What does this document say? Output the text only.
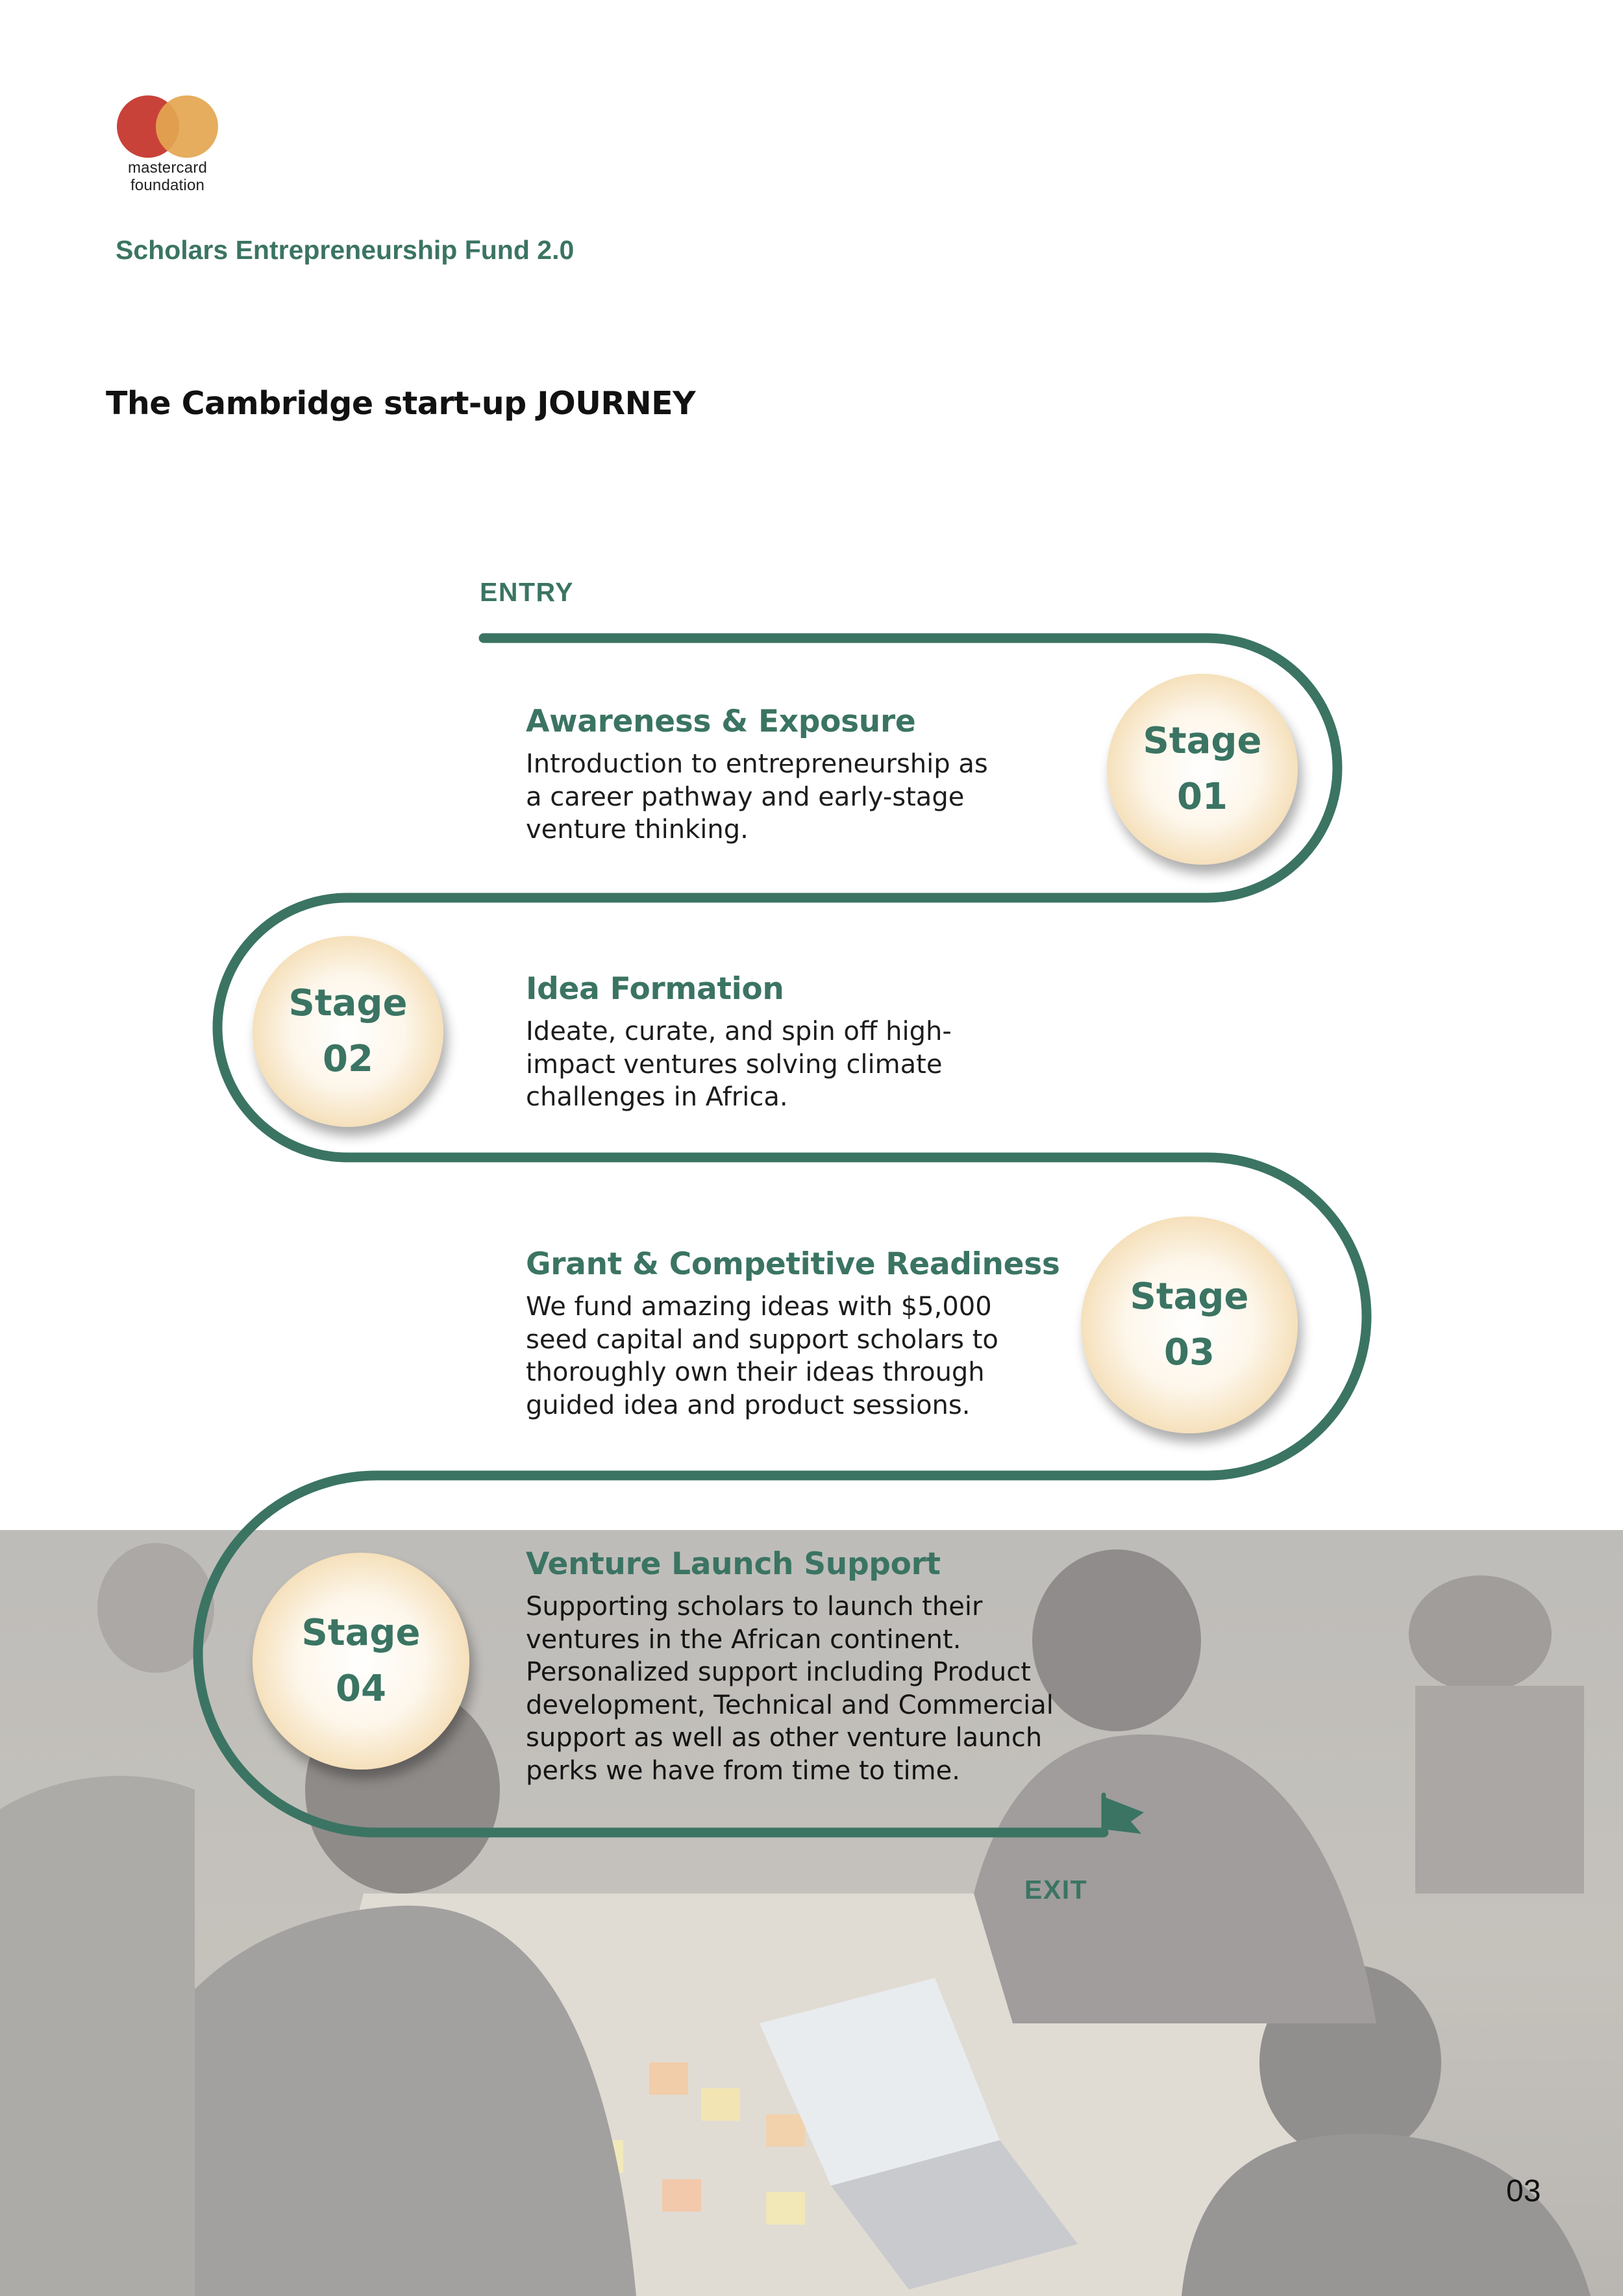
mastercard
foundation
Scholars Entrepreneurship Fund 2.0
The Cambridge start-up JOURNEY
ENTRY
EXIT
Stage
01
Awareness & Exposure

Introduction to entrepreneurship as
a career pathway and early-stage
venture thinking.

Stage
02
Idea Formation

Ideate, curate, and spin off high-
impact ventures solving climate
challenges in Africa.

Stage
03
Grant & Competitive Readiness

We fund amazing ideas with $5,000
seed capital and support scholars to
thoroughly own their ideas through
guided idea and product sessions.

Stage
04
Venture Launch Support

Supporting scholars to launch their
ventures in the African continent.
Personalized support including Product
development, Technical and Commercial
support as well as other venture launch
perks we have from time to time.

03
